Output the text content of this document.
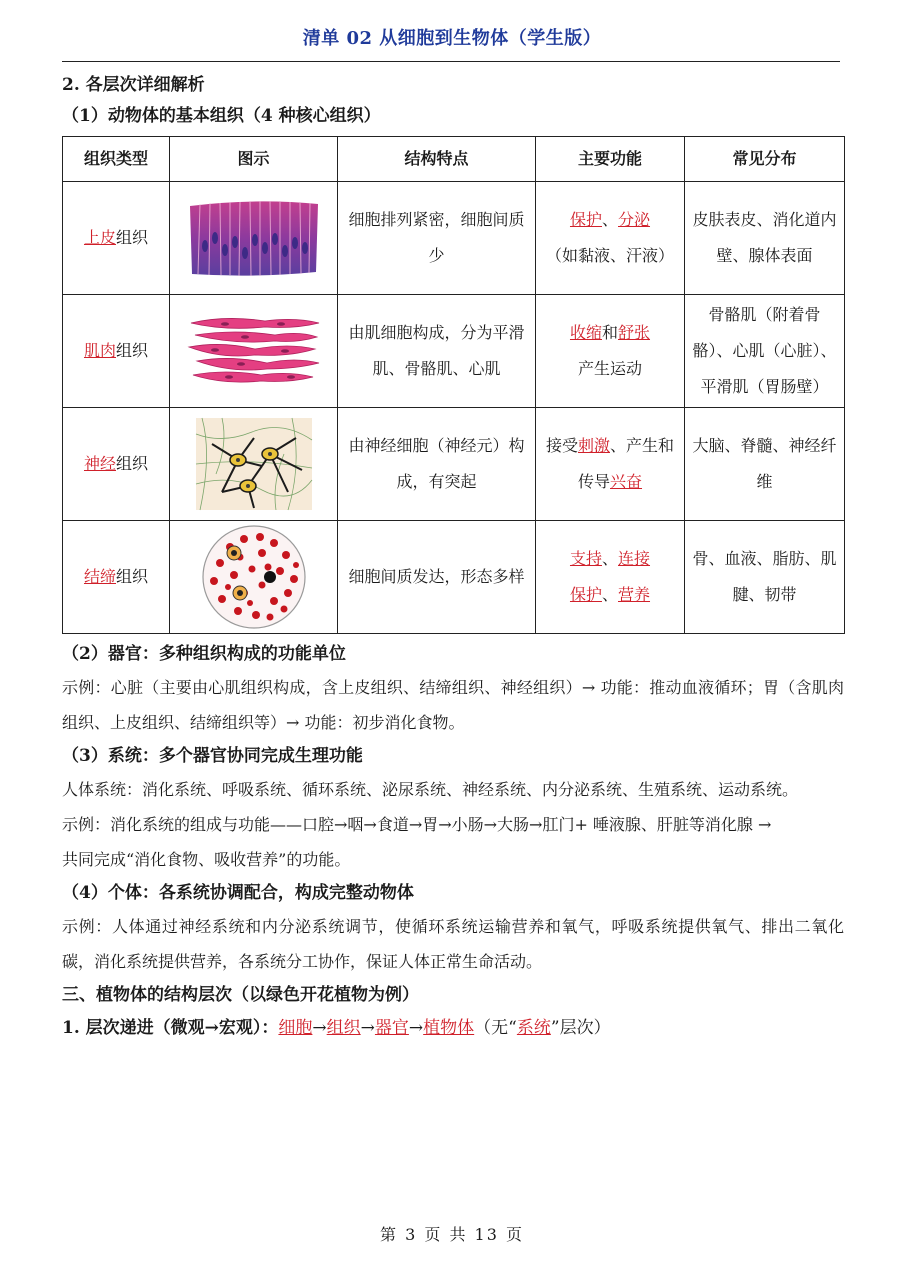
清单 02 从细胞到生物体（学生版）

2. 各层次详细解析

（1）动物体的基本组织（4 种核心组织）

组织类型	图示	结构特点	主要功能	常见分布
上皮组织		细胞排列紧密，细胞间质少	保护、分泌
（如黏液、汗液）	皮肤表皮、消化道内壁、腺体表面
肌肉组织		由肌细胞构成，分为平滑肌、骨骼肌、心肌	收缩和舒张
产生运动	骨骼肌（附着骨骼）、心肌（心脏）、平滑肌（胃肠壁）
神经组织		由神经细胞（神经元）构成，有突起	接受刺激、产生和传导兴奋	大脑、脊髓、神经纤维
结缔组织		细胞间质发达，形态多样	支持、连接
保护、营养	骨、血液、脂肪、肌腱、韧带

（2）器官：多种组织构成的功能单位

示例：心脏（主要由心肌组织构成，含上皮组织、结缔组织、神经组织）→ 功能：推动血液循环；胃（含肌肉组织、上皮组织、结缔组织等）→ 功能：初步消化食物。

（3）系统：多个器官协同完成生理功能

人体系统：消化系统、呼吸系统、循环系统、泌尿系统、神经系统、内分泌系统、生殖系统、运动系统。

示例：消化系统的组成与功能——口腔→咽→食道→胃→小肠→大肠→肛门+ 唾液腺、肝脏等消化腺 →

共同完成“消化食物、吸收营养”的功能。

（4）个体：各系统协调配合，构成完整动物体

示例：人体通过神经系统和内分泌系统调节，使循环系统运输营养和氧气，呼吸系统提供氧气、排出二氧化碳，消化系统提供营养，各系统分工协作，保证人体正常生命活动。

三、植物体的结构层次（以绿色开花植物为例）

1. 层次递进（微观→宏观）：细胞→组织→器官→植物体（无“系统”层次）

第 3 页 共 13 页
